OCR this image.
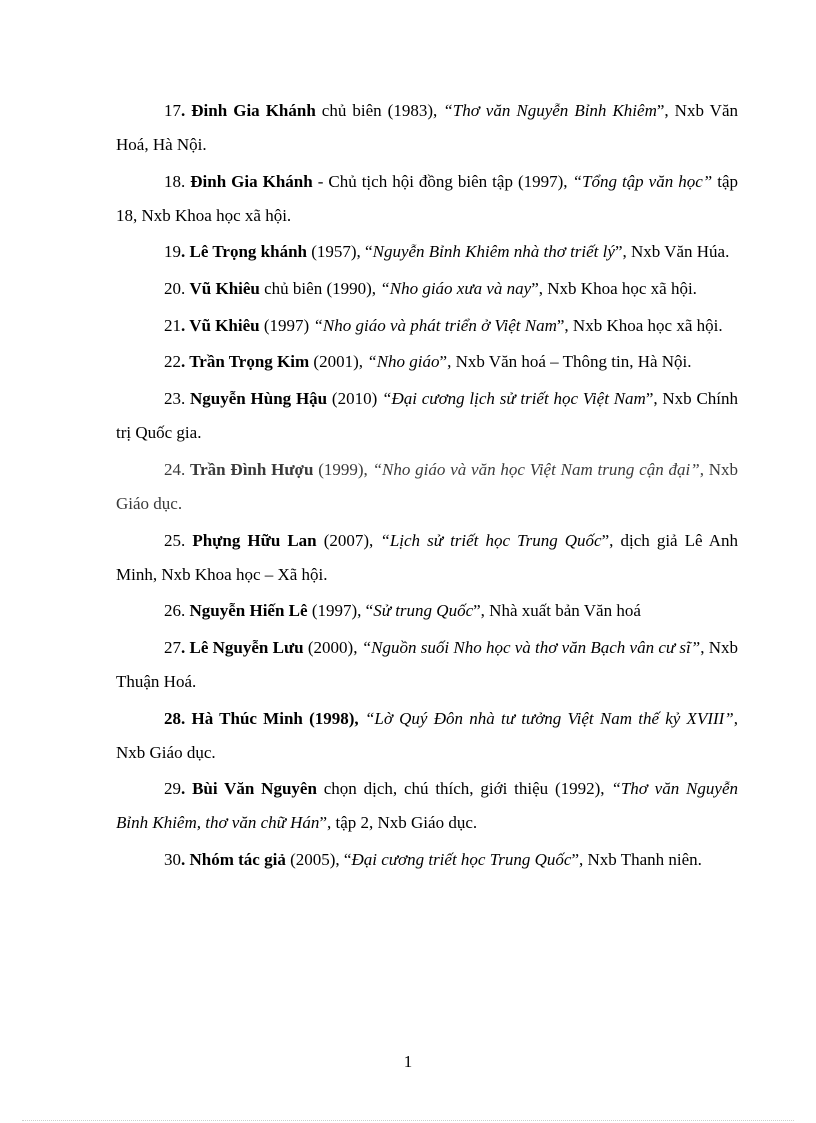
17. Đinh Gia Khánh chủ biên (1983), “Thơ văn Nguyễn Bỉnh Khiêm”, Nxb Văn Hoá, Hà Nội.

18. Đinh Gia Khánh - Chủ tịch hội đồng biên tập (1997), “Tổng tập văn học” tập 18, Nxb Khoa học xã hội.

19. Lê Trọng khánh (1957), “Nguyễn Bỉnh Khiêm nhà thơ triết lý”, Nxb Văn Húa.

20. Vũ Khiêu chủ biên (1990), “Nho giáo xưa và nay”, Nxb Khoa học xã hội.

21. Vũ Khiêu (1997) “Nho giáo và phát triển ở Việt Nam”, Nxb Khoa học xã hội.

22. Trần Trọng Kim (2001), “Nho giáo”, Nxb Văn hoá – Thông tin, Hà Nội.

23. Nguyễn Hùng Hậu (2010) “Đại cương lịch sử triết học Việt Nam”, Nxb Chính trị Quốc gia.

24. Trần Đình Hượu (1999), “Nho giáo và văn học Việt Nam trung cận đại”, Nxb Giáo dục.

25. Phựng Hữu Lan (2007), “Lịch sử triết học Trung Quốc”, dịch giả Lê Anh Minh, Nxb Khoa học – Xã hội.

26. Nguyễn Hiến Lê (1997), “Sử trung Quốc”, Nhà xuất bản Văn hoá

27. Lê Nguyễn Lưu (2000), “Nguồn suối Nho học và thơ văn Bạch vân cư sĩ”, Nxb Thuận Hoá.

28. Hà Thúc Minh (1998), “Lờ Quý Đôn nhà tư tưởng Việt Nam thế kỷ XVIII”, Nxb Giáo dục.

29. Bùi Văn Nguyên chọn dịch, chú thích, giới thiệu (1992), “Thơ văn Nguyễn Bỉnh Khiêm, thơ văn chữ Hán”, tập 2, Nxb Giáo dục.

30. Nhóm tác giả (2005), “Đại cương triết học Trung Quốc”, Nxb Thanh niên.

1
